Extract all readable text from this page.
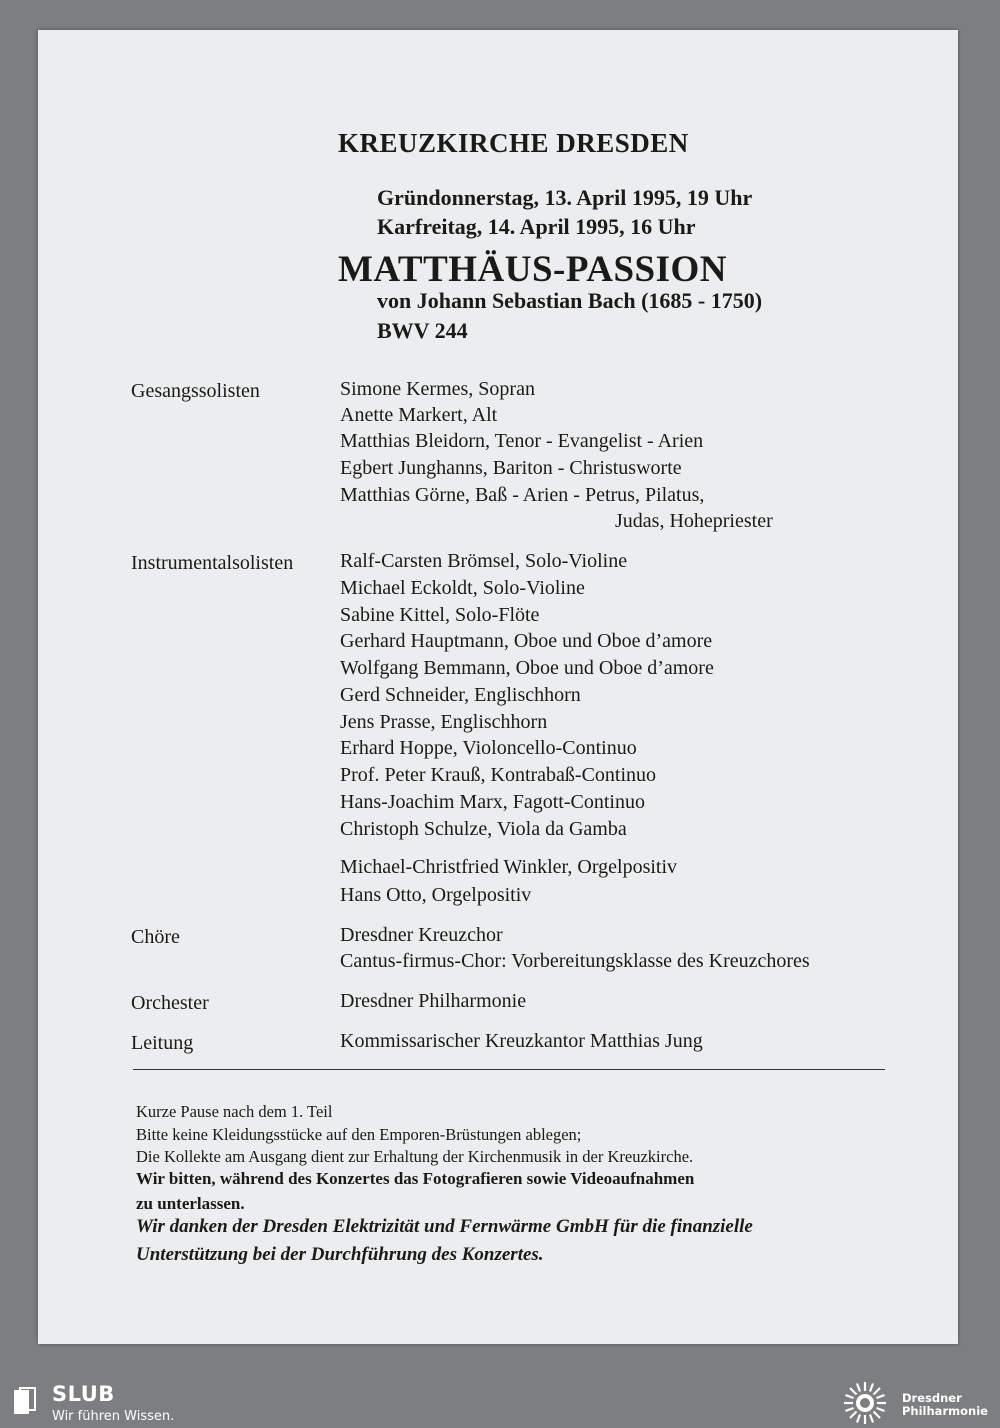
KREUZKIRCHE DRESDEN
Gründonnerstag, 13. April 1995, 19 Uhr
Karfreitag, 14. April 1995, 16 Uhr
MATTHÄUS-PASSION
von Johann Sebastian Bach (1685 - 1750)
BWV 244
Gesangssolisten	Simone Kermes, Sopran
Anette Markert, Alt
Matthias Bleidorn, Tenor - Evangelist - Arien
Egbert Junghanns, Bariton - Christusworte
Matthias Görne, Baß - Arien - Petrus, Pilatus,
Judas, Hohepriester
Instrumentalsolisten Ralf-Carsten Brömsel, Solo-Violine
Michael Eckoldt, Solo-Violine
Sabine Kittel, Solo-Flöte
Gerhard Hauptmann, Oboe und Oboe d’amore
Wolfgang Bemmann, Oboe und Oboe d’amore
Gerd Schneider, Englischhorn
Jens Prasse, Englischhorn
Erhard Hoppe, Violoncello-Continuo
Prof. Peter Krauß, Kontrabaß-Continuo
Hans-Joachim Marx, Fagott-Continuo
Christoph Schulze, Viola da Gamba
Michael-Christfried Winkler, Orgelpositiv
Hans Otto, Orgelpositiv
Chöre	Dresdner Kreuzchor
Cantus-firmus-Chor: Vorbereitungsklasse des Kreuzchores
Orchester	Dresdner Philharmonie
Leitung	Kommissarischer Kreuzkantor Matthias Jung
Kurze Pause nach dem 1. Teil
Bitte keine Kleidungsstücke auf den Emporen-Brüstungen ablegen;
Die Kollekte am Ausgang dient zur Erhaltung der Kirchenmusik in der Kreuzkirche.
Wir bitten, während des Konzertes das Fotografieren sowie Videoaufnahmen
zu unterlassen.
Wir danken der Dresden Elektrizität und Fernwärme GmbH für die finanzielle
Unterstützung bei der Durchführung des Konzertes.
SLUB
Wir führen Wissen.
Dresdner
Philharmonie
